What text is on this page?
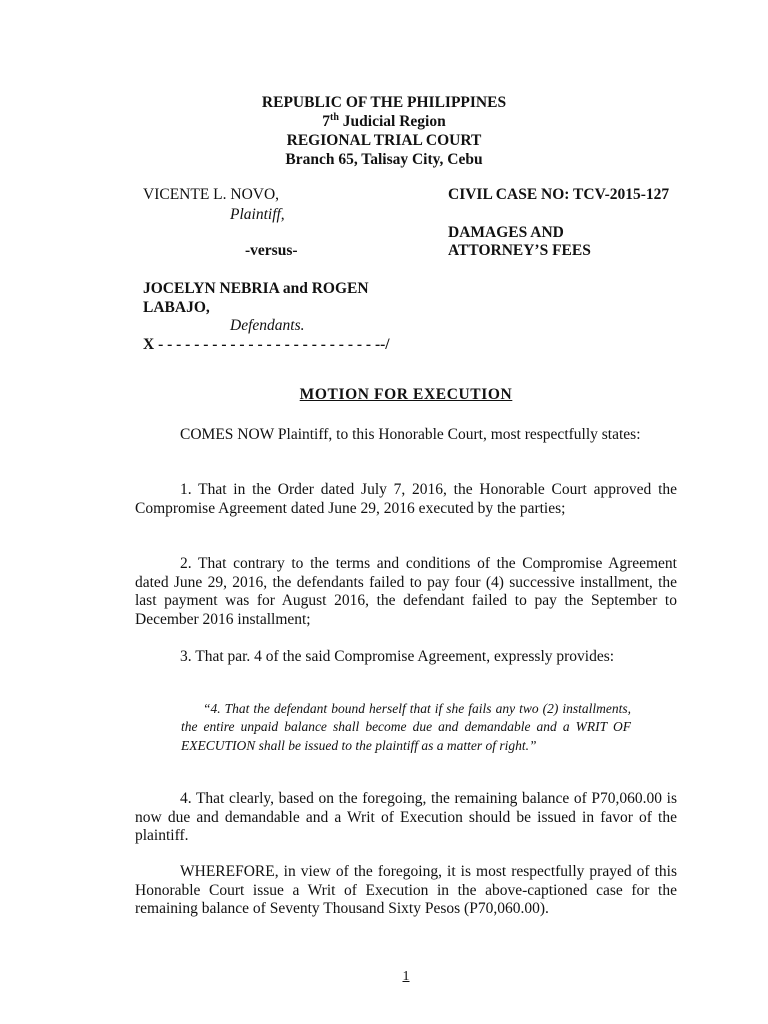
REPUBLIC OF THE PHILIPPINES
7th Judicial Region
REGIONAL TRIAL COURT
Branch 65, Talisay City, Cebu
VICENTE L. NOVO,
Plaintiff,
-versus-
JOCELYN NEBRIA and ROGEN
LABAJO,
Defendants.
X - - - - - - - - - - - - - - - - - - - - - - - - --/
CIVIL CASE NO: TCV-2015-127
DAMAGES AND
ATTORNEY’S FEES
MOTION FOR EXECUTION
COMES NOW Plaintiff, to this Honorable Court, most respectfully states:
1. That in the Order dated July 7, 2016, the Honorable Court approved the Compromise Agreement dated June 29, 2016 executed by the parties;
2. That contrary to the terms and conditions of the Compromise Agreement dated June 29, 2016, the defendants failed to pay four (4) successive installment, the last payment was for August 2016, the defendant failed to pay the September to December 2016 installment;
3. That par. 4 of the said Compromise Agreement, expressly provides:
“4. That the defendant bound herself that if she fails any two (2) installments, the entire unpaid balance shall become due and demandable and a WRIT OF EXECUTION shall be issued to the plaintiff as a matter of right.”
4. That clearly, based on the foregoing, the remaining balance of P70,060.00 is now due and demandable and a Writ of Execution should be issued in favor of the plaintiff.
WHEREFORE, in view of the foregoing, it is most respectfully prayed of this Honorable Court issue a Writ of Execution in the above-captioned case for the remaining balance of Seventy Thousand Sixty Pesos (P70,060.00).
1
